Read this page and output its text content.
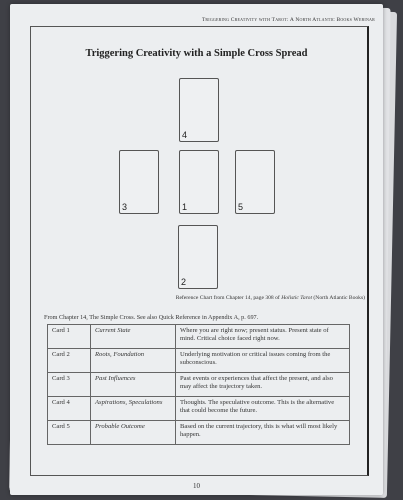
Triggering Creativity with Tarot: A North Atlantic Books Webinar
Triggering Creativity with a Simple Cross Spread
4
3	1	5
2
Reference Chart from Chapter 14, page 308 of Holistic Tarot (North Atlantic Books)
From Chapter 14, The Simple Cross. See also Quick Reference in Appendix A, p. 697.
Card 1	Current State	Where you are right now; present status. Present state of mind. Critical choice faced right now.
Card 2	Roots, Foundation	Underlying motivation or critical issues coming from the subconscious.
Card 3	Past Influences	Past events or experiences that affect the present, and also may affect the trajectory taken.
Card 4	Aspirations, Speculations	Thoughts. The speculative outcome. This is the alternative that could become the future.
Card 5	Probable Outcome	Based on the current trajectory, this is what will most likely happen.
10
